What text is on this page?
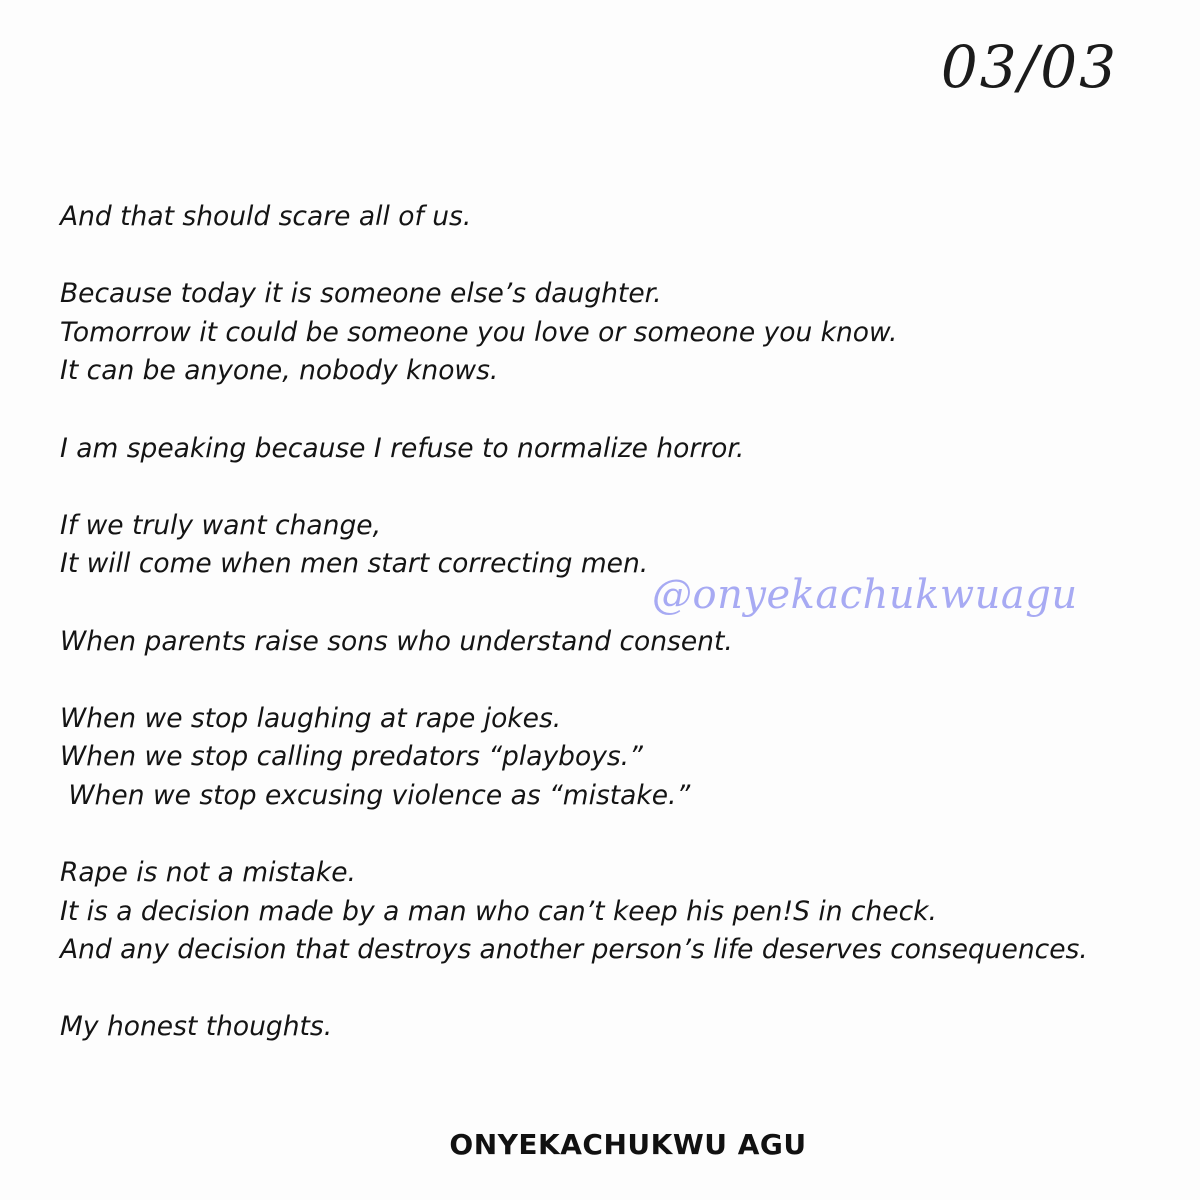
03/03
And that should scare all of us.
Because today it is someone else’s daughter.
Tomorrow it could be someone you love or someone you know.
It can be anyone, nobody knows.
I am speaking because I refuse to normalize horror.
If we truly want change,
It will come when men start correcting men.
When parents raise sons who understand consent.
When we stop laughing at rape jokes.
When we stop calling predators “playboys.”
When we stop excusing violence as “mistake.”
Rape is not a mistake.
It is a decision made by a man who can’t keep his pen!S in check.
And any decision that destroys another person’s life deserves consequences.
My honest thoughts.
@onyekachukwuagu
ONYEKACHUKWU AGU
